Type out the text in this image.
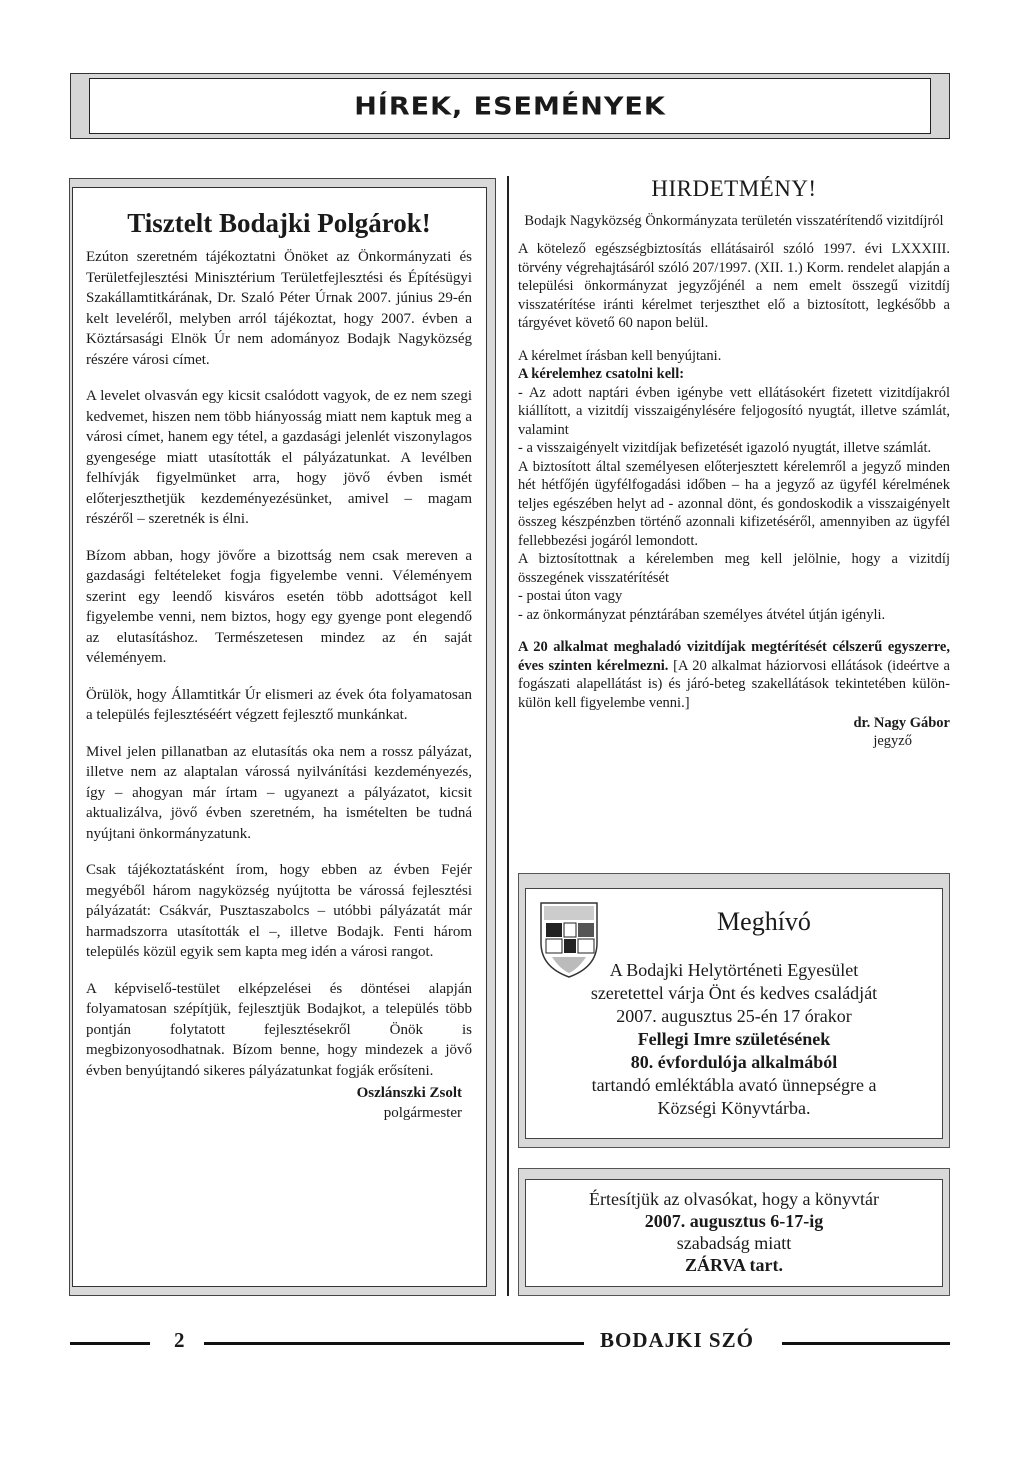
HÍREK, ESEMÉNYEK
Tisztelt Bodajki Polgárok!

Ezúton szeretném tájékoztatni Önöket az Önkormányzati és Területfejlesztési Minisztérium Területfejlesztési és Építésügyi Szakállamtitkárának, Dr. Szaló Péter Úrnak 2007. június 29-én kelt leveléről, melyben arról tájékoztat, hogy 2007. évben a Köztársasági Elnök Úr nem adományoz Bodajk Nagyközség részére városi címet.

A levelet olvasván egy kicsit csalódott vagyok, de ez nem szegi kedvemet, hiszen nem több hiányosság miatt nem kaptuk meg a városi címet, hanem egy tétel, a gazdasági jelenlét viszonylagos gyengesége miatt utasították el pályázatunkat. A levélben felhívják figyelmünket arra, hogy jövő évben ismét előterjeszthetjük kezdeményezésünket, amivel – magam részéről – szeretnék is élni.

Bízom abban, hogy jövőre a bizottság nem csak mereven a gazdasági feltételeket fogja figyelembe venni. Véleményem szerint egy leendő kisváros esetén több adottságot kell figyelembe venni, nem biztos, hogy egy gyenge pont elegendő az elutasításhoz. Természetesen mindez az én saját véleményem.

Örülök, hogy Államtitkár Úr elismeri az évek óta folyamatosan a település fejlesztéséért végzett fejlesztő munkánkat.

Mivel jelen pillanatban az elutasítás oka nem a rossz pályázat, illetve nem az alaptalan várossá nyilvánítási kezdeményezés, így – ahogyan már írtam – ugyanezt a pályázatot, kicsit aktualizálva, jövő évben szeretném, ha ismételten be tudná nyújtani önkormányzatunk.

Csak tájékoztatásként írom, hogy ebben az évben Fejér megyéből három nagyközség nyújtotta be várossá fejlesztési pályázatát: Csákvár, Pusztaszabolcs – utóbbi pályázatát már harmadszorra utasították el –, illetve Bodajk. Fenti három település közül egyik sem kapta meg idén a városi rangot.

A képviselő-testület elképzelései és döntései alapján folyamatosan szépítjük, fejlesztjük Bodajkot, a település több pontján folytatott fejlesztésekről Önök is megbizonyosodhatnak. Bízom benne, hogy mindezek a jövő évben benyújtandó sikeres pályázatunkat fogják erősíteni.

Oszlánszki Zsolt
polgármester
HIRDETMÉNY!
Bodajk Nagyközség Önkormányzata területén visszatérítendő vizitdíjról

A kötelező egészségbiztosítás ellátásairól szóló 1997. évi LXXXIII. törvény végrehajtásáról szóló 207/1997. (XII. 1.) Korm. rendelet alapján a települési önkormányzat jegyzőjénél a nem emelt összegű vizitdíj visszatérítése iránti kérelmet terjeszthet elő a biztosított, legkésőbb a tárgyévet követő 60 napon belül.

A kérelmet írásban kell benyújtani.

A kérelemhez csatolni kell:

- Az adott naptári évben igénybe vett ellátásokért fizetett vizitdíjakról kiállított, a vizitdíj visszaigénylésére feljogosító nyugtát, illetve számlát, valamint

- a visszaigényelt vizitdíjak befizetését igazoló nyugtát, illetve számlát.

A biztosított által személyesen előterjesztett kérelemről a jegyző minden hét hétfőjén ügyfélfogadási időben – ha a jegyző az ügyfél kérelmének teljes egészében helyt ad - azonnal dönt, és gondoskodik a visszaigényelt összeg készpénzben történő azonnali kifizetéséről, amennyiben az ügyfél fellebbezési jogáról lemondott.

A biztosítottnak a kérelemben meg kell jelölnie, hogy a vizitdíj összegének visszatérítését

- postai úton vagy

- az önkormányzat pénztárában személyes átvétel útján igényli.

A 20 alkalmat meghaladó vizitdíjak megtérítését célszerű egyszerre, éves szinten kérelmezni. [A 20 alkalmat háziorvosi ellátások (ideértve a fogászati alapellátást is) és járó-beteg szakellátások tekintetében külön-külön kell figyelembe venni.]

dr. Nagy Gábor
jegyző
Meghívó
A Bodajki Helytörténeti Egyesület
szeretettel várja Önt és kedves családját
2007. augusztus 25-én 17 órakor
Fellegi Imre születésének
80. évfordulója alkalmából
tartandó emléktábla avató ünnepségre a
Községi Könyvtárba.
Értesítjük az olvasókat, hogy a könyvtár
2007. augusztus 6-17-ig
szabadság miatt
ZÁRVA tart.
2	BODAJKI SZÓ
